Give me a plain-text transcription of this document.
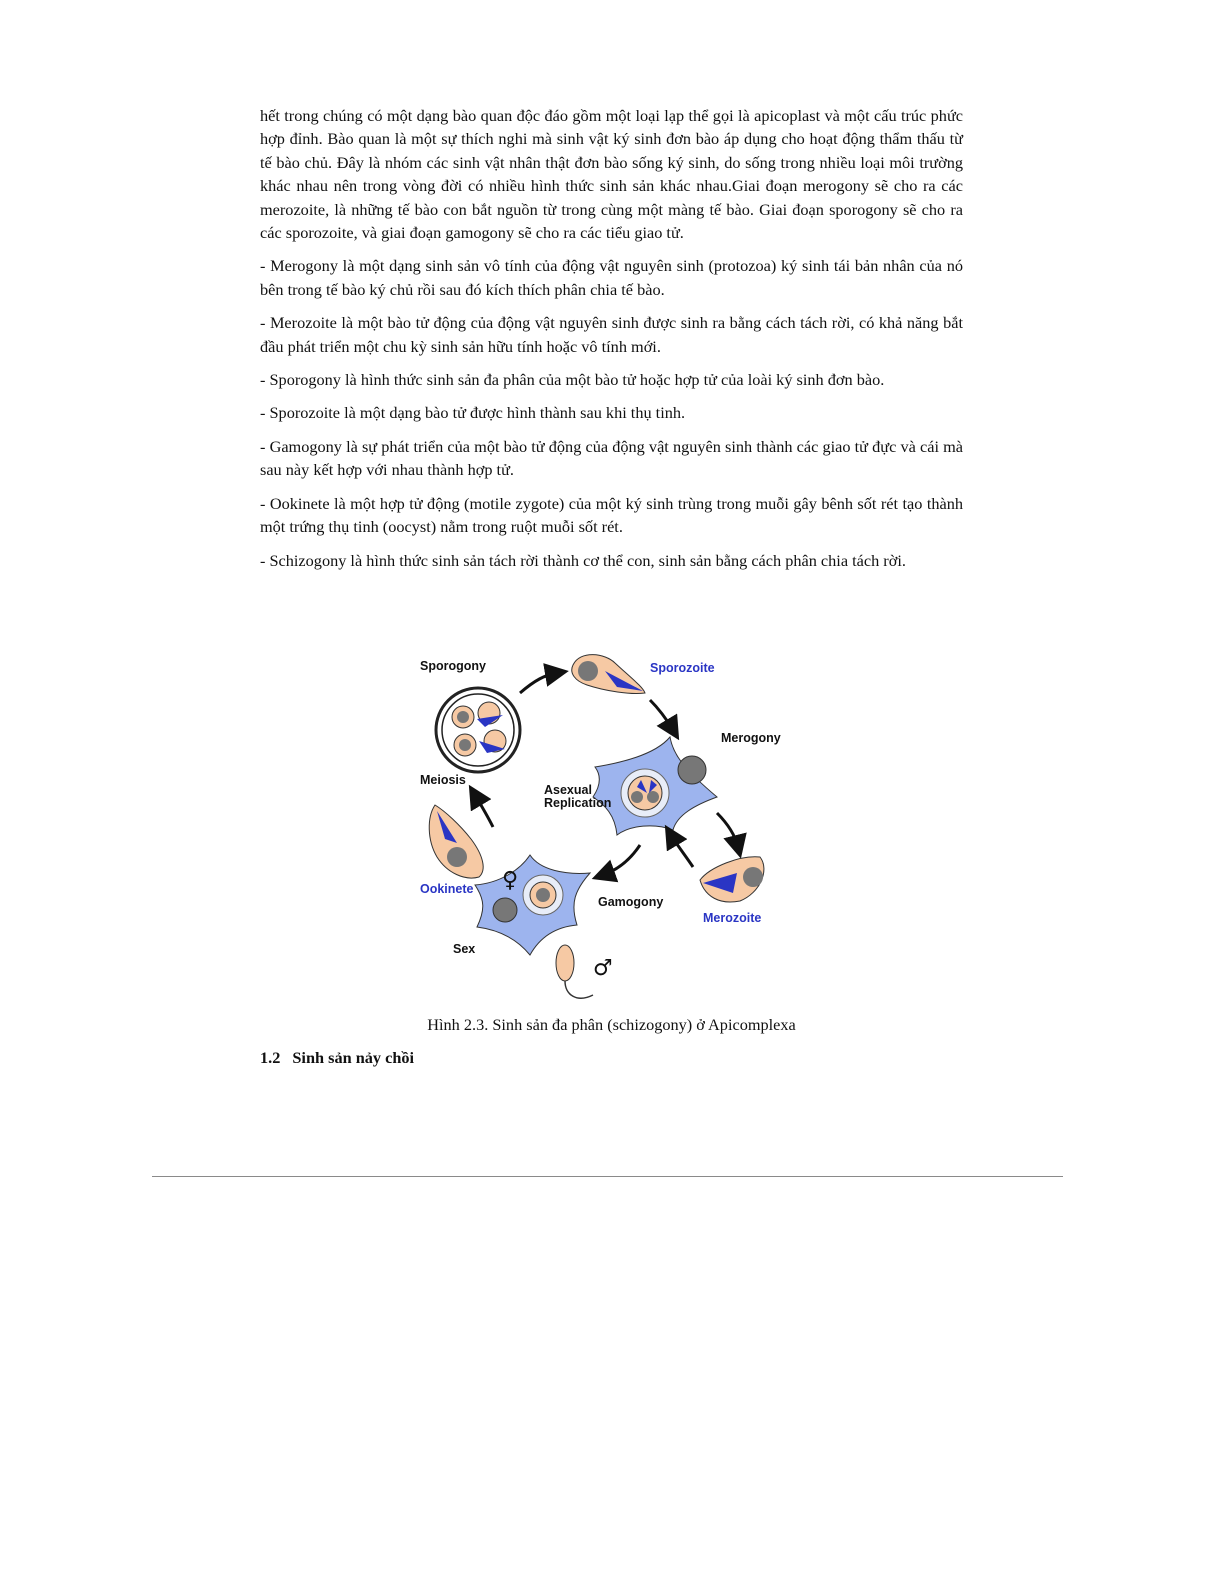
hết trong chúng có một dạng bào quan độc đáo gồm một loại lạp thể gọi là apicoplast và một cấu trúc phức hợp đỉnh. Bào quan là một sự thích nghi mà sinh vật ký sinh đơn bào áp dụng cho hoạt động thẩm thấu từ tế bào chủ. Đây là nhóm các sinh vật nhân thật đơn bào sống ký sinh, do sống trong nhiều loại môi trường khác nhau nên trong vòng đời có nhiều hình thức sinh sản khác nhau.Giai đoạn merogony sẽ cho ra các merozoite, là những tế bào con bắt nguồn từ trong cùng một màng tế bào. Giai đoạn sporogony sẽ cho ra các sporozoite, và giai đoạn gamogony sẽ cho ra các tiểu giao tử.

- Merogony là một dạng sinh sản vô tính của động vật nguyên sinh (protozoa) ký sinh tái bản nhân của nó bên trong tế bào ký chủ rồi sau đó kích thích phân chia tế bào.

- Merozoite là một bào tử động của động vật nguyên sinh được sinh ra bằng cách tách rời, có khả năng bắt đầu phát triển một chu kỳ sinh sản hữu tính hoặc vô tính mới.

- Sporogony là hình thức sinh sản đa phân của một bào tử hoặc hợp tử của loài ký sinh đơn bào.

- Sporozoite là một dạng bào tử được hình thành sau khi thụ tinh.

- Gamogony là sự phát triển của một bào tử động của động vật nguyên sinh thành các giao tử đực và cái mà sau này kết hợp với nhau thành hợp tử.

- Ookinete là một hợp tử động (motile zygote) của một ký sinh trùng trong muỗi gây bênh sốt rét tạo thành một trứng thụ tinh (oocyst) nằm trong ruột muỗi sốt rét.

- Schizogony là hình thức sinh sản tách rời thành cơ thể con, sinh sản bằng cách phân chia tách rời.

Sporogony	Sporozoite
Merogony
Meiosis
Asexual
Replication
Ookinete
Gamogony
Merozoite
Sex
♀
♂
Hình 2.3. Sinh sản đa phân (schizogony) ở Apicomplexa
1.2 Sinh sản nảy chồi
